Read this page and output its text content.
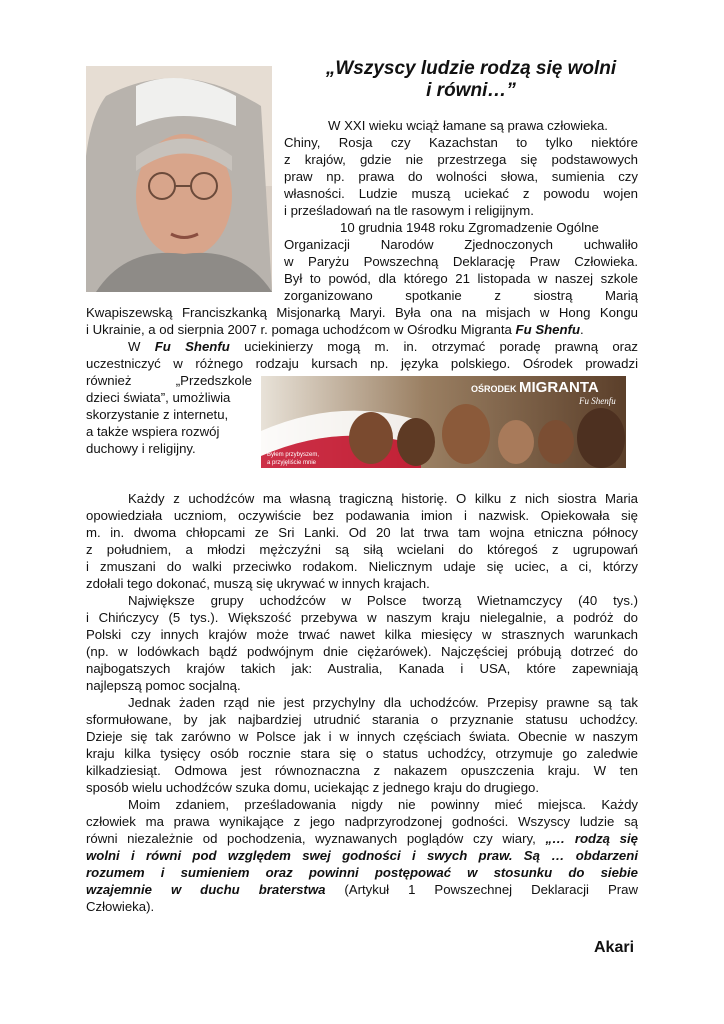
„Wszyscy ludzie rodzą się wolni
i równi…”
OŚRODEK MIGRANTA
Fu Shenfu
Byłem przybyszem,
a przyjęliście mnie
W XXI wieku wciąż łamane są prawa człowieka.
Chiny, Rosja czy Kazachstan to tylko niektóre
z krajów, gdzie nie przestrzega się podstawowych
praw np. prawa do wolności słowa, sumienia czy
własności. Ludzie muszą uciekać z powodu wojen
i prześladowań na tle rasowym i religijnym.
10 grudnia 1948 roku Zgromadzenie Ogólne
Organizacji Narodów Zjednoczonych uchwaliło
w Paryżu Powszechną Deklarację Praw Człowieka.
Był to powód, dla którego 21 listopada w naszej szkole
zorganizowano spotkanie z siostrą Marią
Kwapiszewską Franciszkanką Misjonarką Maryi. Była ona na misjach w Hong Kongu
i Ukrainie, a od sierpnia 2007 r. pomaga uchodźcom w Ośrodku Migranta Fu Shenfu.
W Fu Shenfu uciekinierzy mogą m. in. otrzymać poradę prawną oraz
uczestniczyć w różnego rodzaju kursach np. języka polskiego. Ośrodek prowadzi
również „Przedszkole
dzieci świata”, umożliwia
skorzystanie z internetu,
a także wspiera rozwój
duchowy i religijny.
Każdy z uchodźców ma własną tragiczną historię. O kilku z nich siostra Maria
opowiedziała uczniom, oczywiście bez podawania imion i nazwisk. Opiekowała się
m. in. dwoma chłopcami ze Sri Lanki. Od 20 lat trwa tam wojna etniczna północy
z południem, a młodzi mężczyźni są siłą wcielani do któregoś z ugrupowań
i zmuszani do walki przeciwko rodakom. Nielicznym udaje się uciec, a ci, którzy
zdołali tego dokonać, muszą się ukrywać w innych krajach.
Największe grupy uchodźców w Polsce tworzą Wietnamczycy (40 tys.)
i Chińczycy (5 tys.). Większość przebywa w naszym kraju nielegalnie, a podróż do
Polski czy innych krajów może trwać nawet kilka miesięcy w strasznych warunkach
(np. w lodówkach bądź podwójnym dnie ciężarówek). Najczęściej próbują dotrzeć do
najbogatszych krajów takich jak: Australia, Kanada i USA, które zapewniają
najlepszą pomoc socjalną.
Jednak żaden rząd nie jest przychylny dla uchodźców. Przepisy prawne są tak
sformułowane, by jak najbardziej utrudnić starania o przyznanie statusu uchodźcy.
Dzieje się tak zarówno w Polsce jak i w innych częściach świata. Obecnie w naszym
kraju kilka tysięcy osób rocznie stara się o status uchodźcy, otrzymuje go zaledwie
kilkadziesiąt. Odmowa jest równoznaczna z nakazem opuszczenia kraju. W ten
sposób wielu uchodźców szuka domu, uciekając z jednego kraju do drugiego.
Moim zdaniem, prześladowania nigdy nie powinny mieć miejsca. Każdy
człowiek ma prawa wynikające z jego nadprzyrodzonej godności. Wszyscy ludzie są
równi niezależnie od pochodzenia, wyznawanych poglądów czy wiary, „… rodzą się
wolni i równi pod względem swej godności i swych praw. Są … obdarzeni
rozumem i sumieniem oraz powinni postępować w stosunku do siebie
wzajemnie w duchu braterstwa (Artykuł 1 Powszechnej Deklaracji Praw
Człowieka).
Akari
